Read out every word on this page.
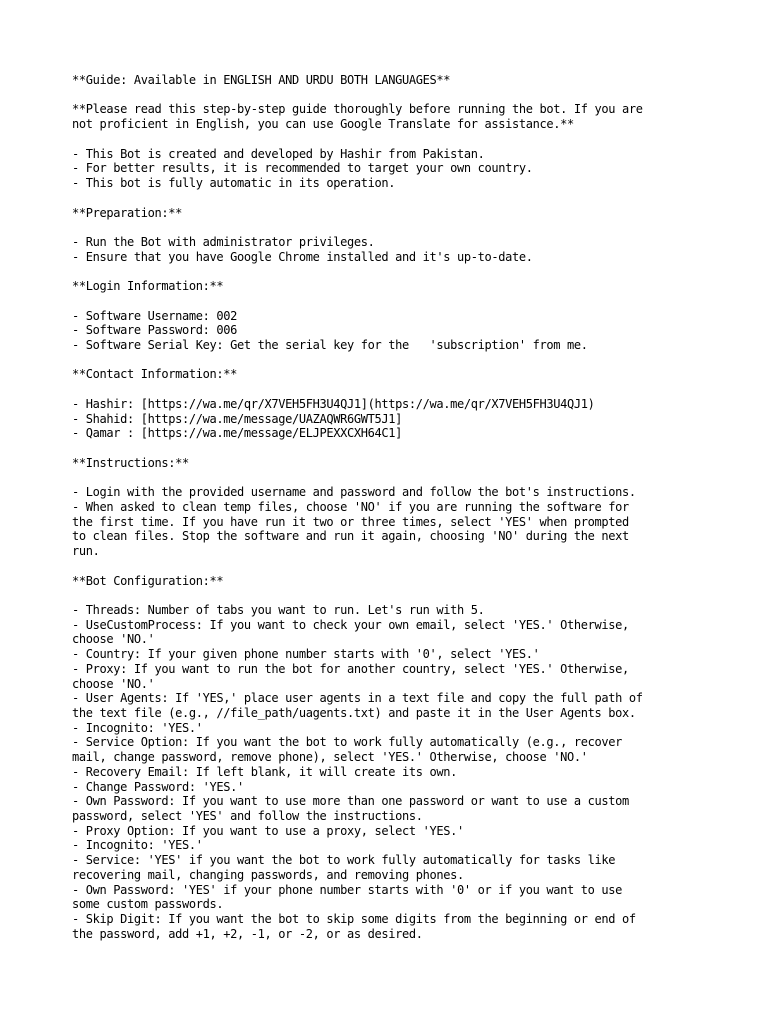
**Guide: Available in ENGLISH AND URDU BOTH LANGUAGES**

**Please read this step-by-step guide thoroughly before running the bot. If you are

not proficient in English, you can use Google Translate for assistance.**

- This Bot is created and developed by Hashir from Pakistan.

- For better results, it is recommended to target your own country.

- This bot is fully automatic in its operation.

**Preparation:**

- Run the Bot with administrator privileges.

- Ensure that you have Google Chrome installed and it's up-to-date.

**Login Information:**

- Software Username: 002

- Software Password: 006

- Software Serial Key: Get the serial key for the   'subscription' from me.

**Contact Information:**

- Hashir: [https://wa.me/qr/X7VEH5FH3U4QJ1](https://wa.me/qr/X7VEH5FH3U4QJ1)

- Shahid: [https://wa.me/message/UAZAQWR6GWT5J1]

- Qamar : [https://wa.me/message/ELJPEXXCXH64C1]

**Instructions:**

- Login with the provided username and password and follow the bot's instructions.

- When asked to clean temp files, choose 'NO' if you are running the software for

the first time. If you have run it two or three times, select 'YES' when prompted

to clean files. Stop the software and run it again, choosing 'NO' during the next

run.

**Bot Configuration:**

- Threads: Number of tabs you want to run. Let's run with 5.

- UseCustomProcess: If you want to check your own email, select 'YES.' Otherwise,

choose 'NO.'

- Country: If your given phone number starts with '0', select 'YES.'

- Proxy: If you want to run the bot for another country, select 'YES.' Otherwise,

choose 'NO.'

- User Agents: If 'YES,' place user agents in a text file and copy the full path of

the text file (e.g., //file_path/uagents.txt) and paste it in the User Agents box.

- Incognito: 'YES.'

- Service Option: If you want the bot to work fully automatically (e.g., recover

mail, change password, remove phone), select 'YES.' Otherwise, choose 'NO.'

- Recovery Email: If left blank, it will create its own.

- Change Password: 'YES.'

- Own Password: If you want to use more than one password or want to use a custom

password, select 'YES' and follow the instructions.

- Proxy Option: If you want to use a proxy, select 'YES.'

- Incognito: 'YES.'

- Service: 'YES' if you want the bot to work fully automatically for tasks like

recovering mail, changing passwords, and removing phones.

- Own Password: 'YES' if your phone number starts with '0' or if you want to use

some custom passwords.

- Skip Digit: If you want the bot to skip some digits from the beginning or end of

the password, add +1, +2, -1, or -2, or as desired.
